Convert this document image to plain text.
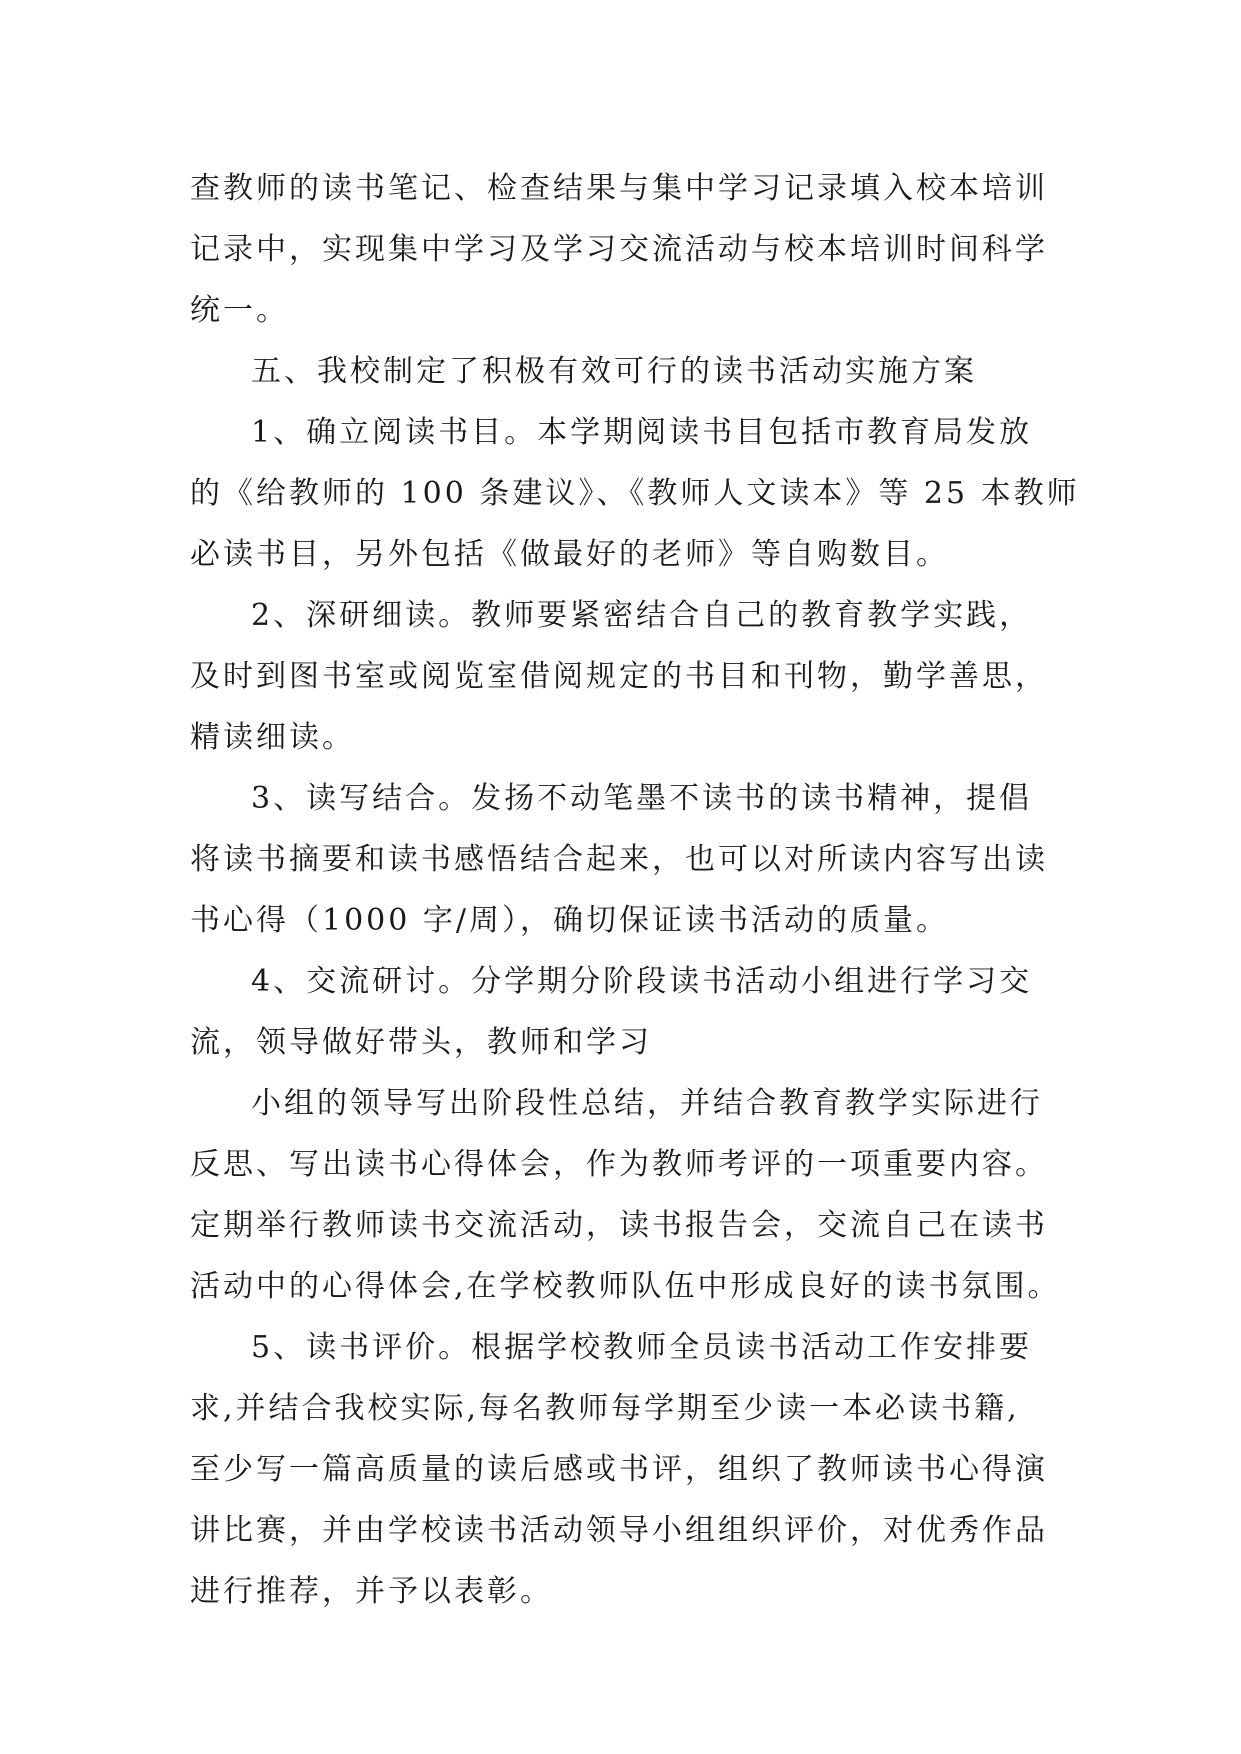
查教师的读书笔记、检查结果与集中学习记录填入校本培训
记录中，实现集中学习及学习交流活动与校本培训时间科学
统一。
五、我校制定了积极有效可行的读书活动实施方案
1、确立阅读书目。本学期阅读书目包括市教育局发放
的《给教师的 100 条建议》、《教师人文读本》等 25 本教师
必读书目，另外包括《做最好的老师》等自购数目。
2、深研细读。教师要紧密结合自己的教育教学实践，
及时到图书室或阅览室借阅规定的书目和刊物，勤学善思，
精读细读。
3、读写结合。发扬不动笔墨不读书的读书精神，提倡
将读书摘要和读书感悟结合起来，也可以对所读内容写出读
书心得（1000 字/周），确切保证读书活动的质量。
4、交流研讨。分学期分阶段读书活动小组进行学习交
流，领导做好带头，教师和学习
小组的领导写出阶段性总结，并结合教育教学实际进行
反思、写出读书心得体会，作为教师考评的一项重要内容。
定期举行教师读书交流活动，读书报告会，交流自己在读书
活动中的心得体会,在学校教师队伍中形成良好的读书氛围。
5、读书评价。根据学校教师全员读书活动工作安排要
求,并结合我校实际,每名教师每学期至少读一本必读书籍,
至少写一篇高质量的读后感或书评，组织了教师读书心得演
讲比赛，并由学校读书活动领导小组组织评价，对优秀作品
进行推荐，并予以表彰。
